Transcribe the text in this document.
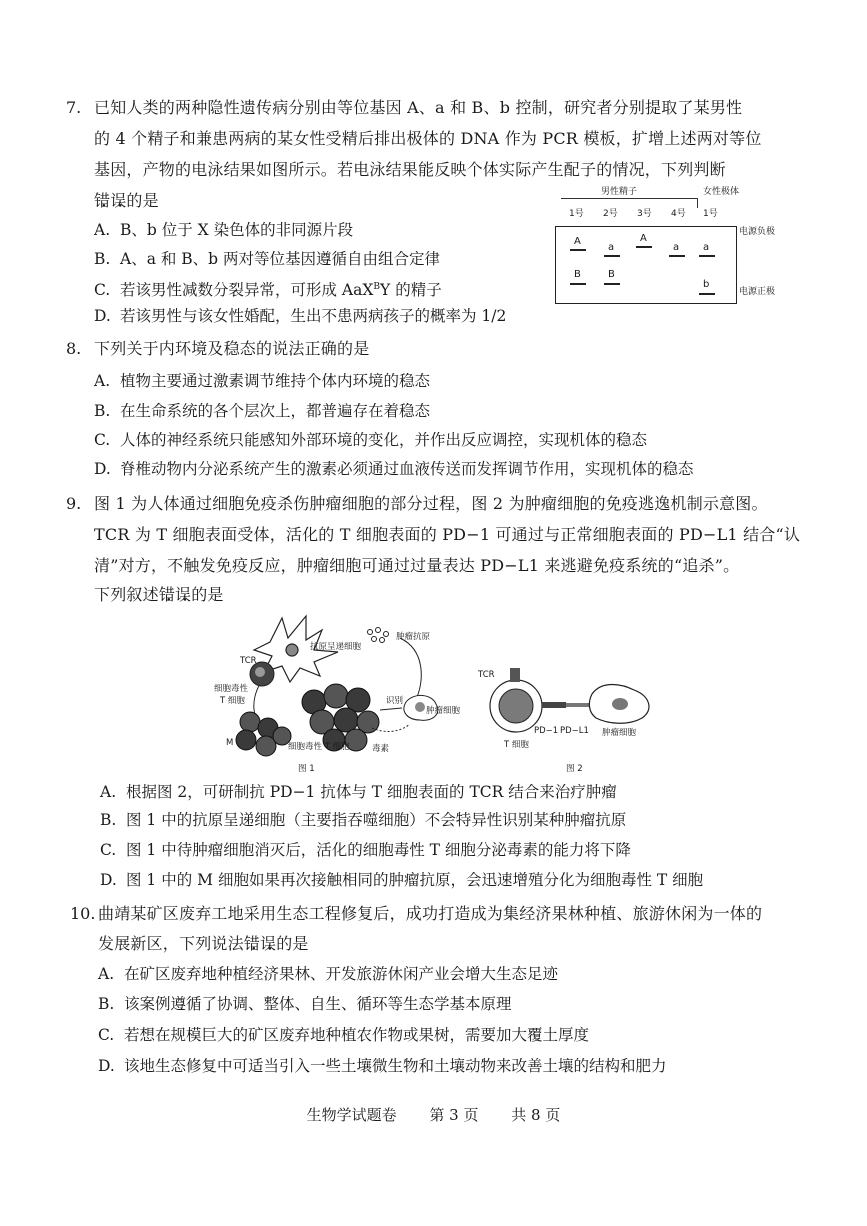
7. 已知人类的两种隐性遗传病分别由等位基因 A、a 和 B、b 控制，研究者分别提取了某男性
的 4 个精子和兼患两病的某女性受精后排出极体的 DNA 作为 PCR 模板，扩增上述两对等位
基因，产物的电泳结果如图所示。若电泳结果能反映个体实际产生配子的情况，下列判断
错误的是
A. B、b 位于 X 染色体的非同源片段
B. A、a 和 B、b 两对等位基因遵循自由组合定律
C. 若该男性减数分裂异常，可形成 AaX$^B$Y 的精子
D. 若该男性与该女性婚配，生出不患两病孩子的概率为 1/2
男性精子	女性极体
1号 2号 3号 4号 1号
A
a
A
a a
B	B
b
电源负极
电源正极
8. 下列关于内环境及稳态的说法正确的是
A. 植物主要通过激素调节维持个体内环境的稳态
B. 在生命系统的各个层次上，都普遍存在着稳态
C. 人体的神经系统只能感知外部环境的变化，并作出反应调控，实现机体的稳态
D. 脊椎动物内分泌系统产生的激素必须通过血液传送而发挥调节作用，实现机体的稳态
9. 图 1 为人体通过细胞免疫杀伤肿瘤细胞的部分过程，图 2 为肿瘤细胞的免疫逃逸机制示意图。
TCR 为 T 细胞表面受体，活化的 T 细胞表面的 PD−1 可通过与正常细胞表面的 PD−L1 结合“认
清”对方，不触发免疫反应，肿瘤细胞可通过过量表达 PD−L1 来逃避免疫系统的“追杀”。
下列叙述错误的是
抗原呈递细胞
肿瘤抗原
TCR
细胞毒性
T 细胞	识别
肿瘤细胞
M	细胞毒性 T 细胞	毒素
图 1
TCR
PD−1 PD−L1
T 细胞
肿瘤细胞
图 2
A. 根据图 2，可研制抗 PD−1 抗体与 T 细胞表面的 TCR 结合来治疗肿瘤
B. 图 1 中的抗原呈递细胞（主要指吞噬细胞）不会特异性识别某种肿瘤抗原
C. 图 1 中待肿瘤细胞消灭后，活化的细胞毒性 T 细胞分泌毒素的能力将下降
D. 图 1 中的 M 细胞如果再次接触相同的肿瘤抗原，会迅速增殖分化为细胞毒性 T 细胞
10. 曲靖某矿区废弃工地采用生态工程修复后，成功打造成为集经济果林种植、旅游休闲为一体的
发展新区，下列说法错误的是
A. 在矿区废弃地种植经济果林、开发旅游休闲产业会增大生态足迹
B. 该案例遵循了协调、整体、自生、循环等生态学基本原理
C. 若想在规模巨大的矿区废弃地种植农作物或果树，需要加大覆土厚度
D. 该地生态修复中可适当引入一些土壤微生物和土壤动物来改善土壤的结构和肥力
生物学试题卷 第 3 页 共 8 页
